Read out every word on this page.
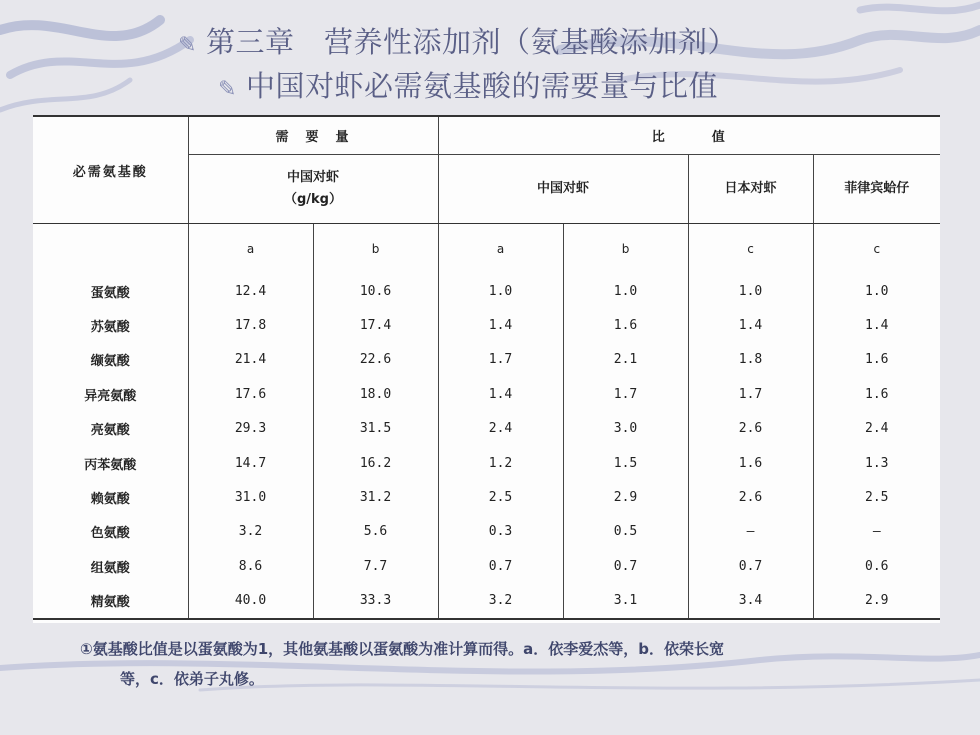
✎ 第三章　营养性添加剂（氨基酸添加剂）
✎ 中国对虾必需氨基酸的需要量与比值
必需氨基酸	需　要　量		比　　　值			
	中国对虾
（g/kg）		中国对虾		日本对虾	菲律宾蛤仔
	a	b	a	b	c	c
蛋氨酸	12.4	10.6	1.0	1.0	1.0	1.0
苏氨酸	17.8	17.4	1.4	1.6	1.4	1.4
缬氨酸	21.4	22.6	1.7	2.1	1.8	1.6
异亮氨酸	17.6	18.0	1.4	1.7	1.7	1.6
亮氨酸	29.3	31.5	2.4	3.0	2.6	2.4
丙苯氨酸	14.7	16.2	1.2	1.5	1.6	1.3
赖氨酸	31.0	31.2	2.5	2.9	2.6	2.5
色氨酸	3.2	5.6	0.3	0.5	—	—
组氨酸	8.6	7.7	0.7	0.7	0.7	0.6
精氨酸	40.0	33.3	3.2	3.1	3.4	2.9
①氨基酸比值是以蛋氨酸为1，其他氨基酸以蛋氨酸为准计算而得。a．依李爱杰等，b．依荣长宽
等，c．依弟子丸修。
